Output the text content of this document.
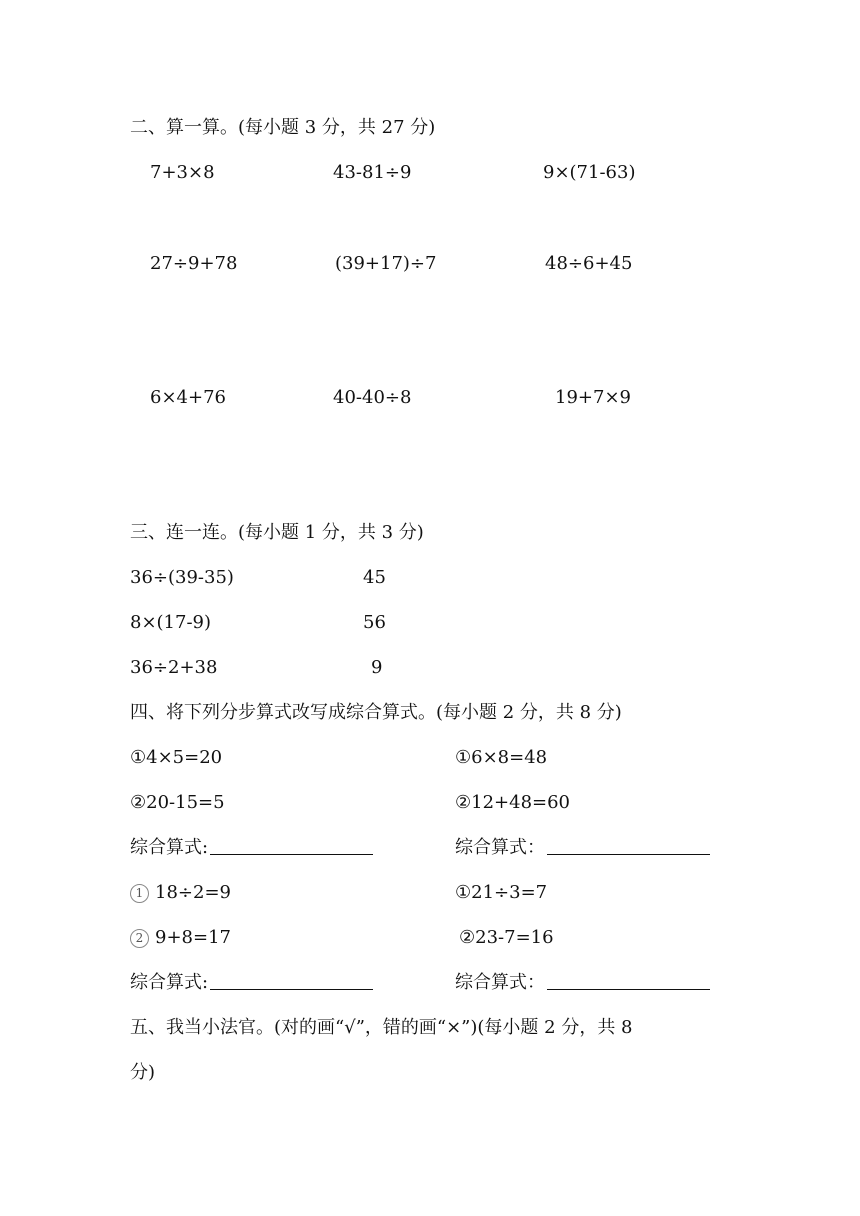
二、算一算。(每小题 3 分，共 27 分)
7+3×8	43-81÷9	9×(71-63)
27÷9+78	(39+17)÷7	48÷6+45
6×4+76	40-40÷8	19+7×9
三、连一连。(每小题 1 分，共 3 分)
36÷(39-35)	45
8×(17-9)	56
36÷2+38	9
四、将下列分步算式改写成综合算式。(每小题 2 分，共 8 分)
①4×5=20	①6×8=48
②20-15=5	②12+48=60
综合算式:	综合算式：
1 18÷2=9	①21÷3=7
2 9+8=17	②23-7=16
综合算式:	综合算式：
五、我当小法官。(对的画“√”，错的画“×”)(每小题 2 分，共 8
分)
